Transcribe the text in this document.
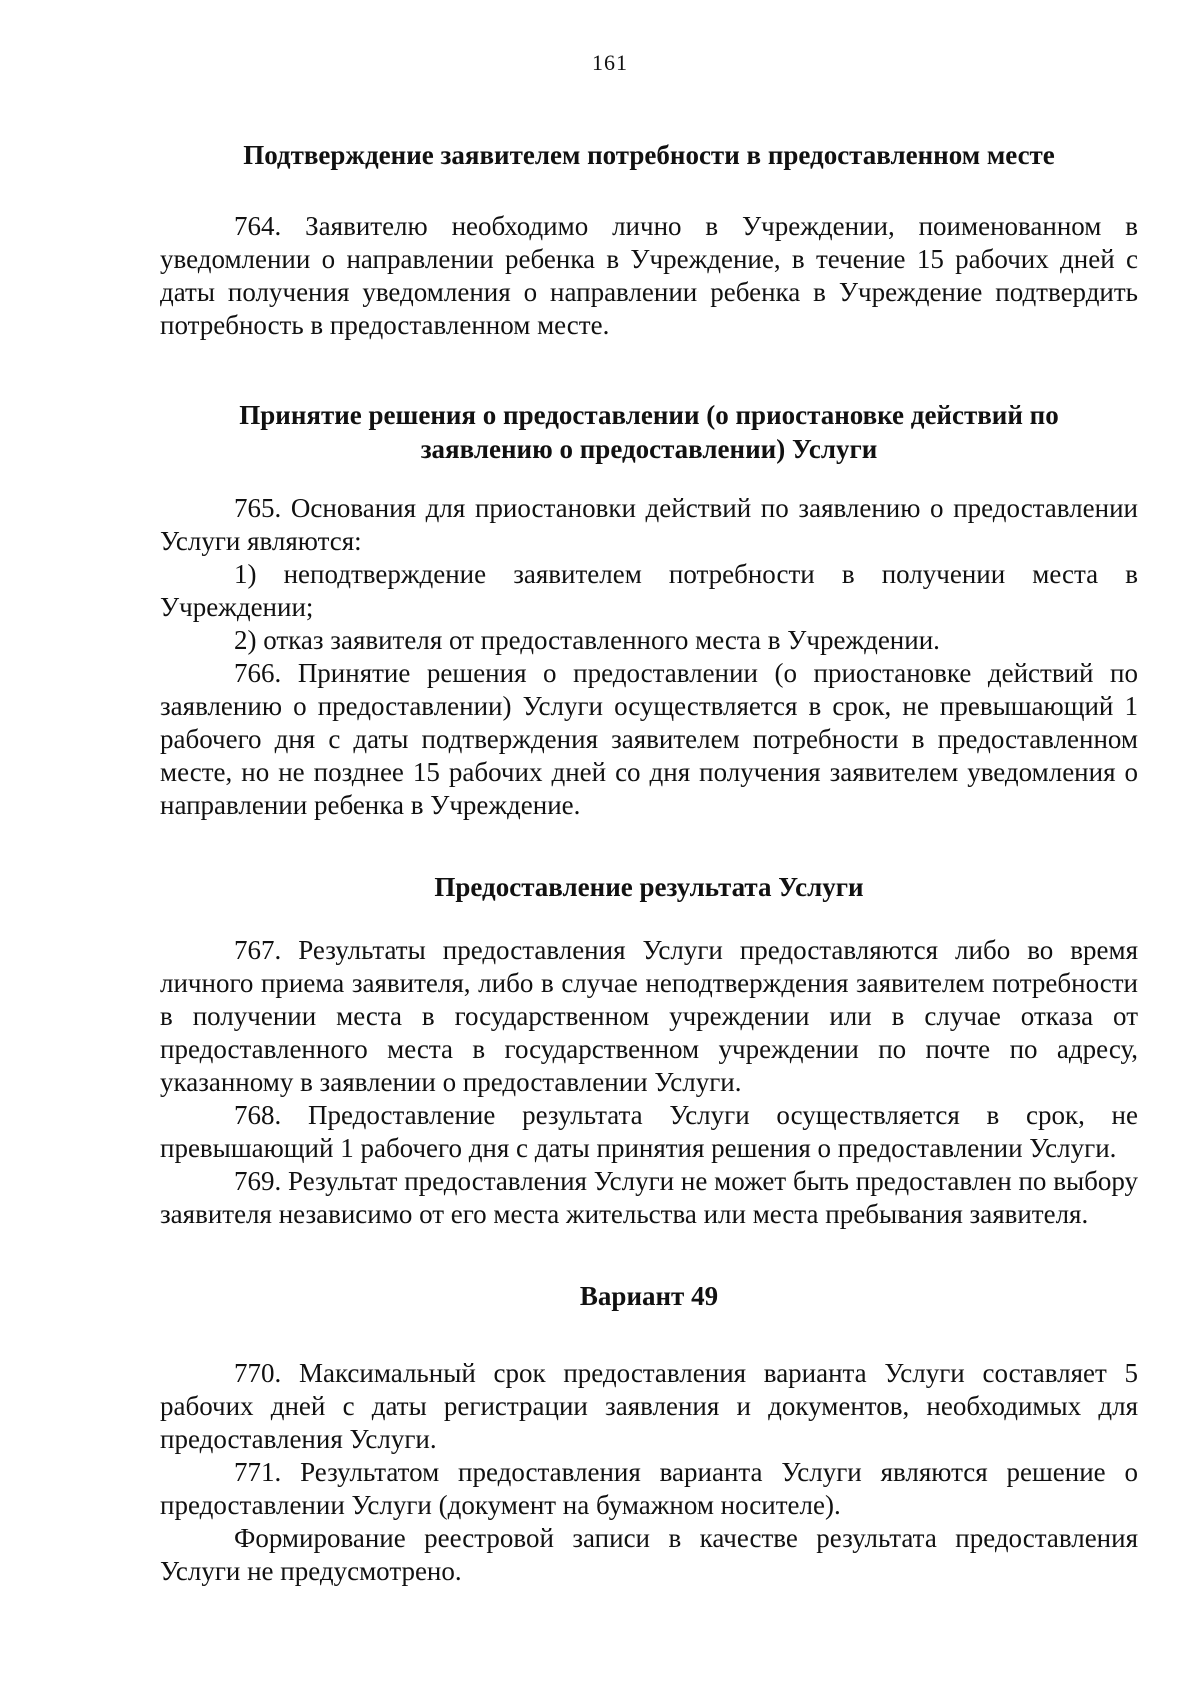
161

Подтверждение заявителем потребности в предоставленном месте

764. Заявителю необходимо лично в Учреждении, поименованном в уведомлении о направлении ребенка в Учреждение, в течение 15 рабочих дней с даты получения уведомления о направлении ребенка в Учреждение подтвердить потребность в предоставленном месте.

Принятие решения о предоставлении (о приостановке действий по

заявлению о предоставлении) Услуги

765. Основания для приостановки действий по заявлению о предоставлении Услуги являются:

1) неподтверждение заявителем потребности в получении места в Учреждении;

2) отказ заявителя от предоставленного места в Учреждении.

766. Принятие решения о предоставлении (о приостановке действий по заявлению о предоставлении) Услуги осуществляется в срок, не превышающий 1 рабочего дня с даты подтверждения заявителем потребности в предоставленном месте, но не позднее 15 рабочих дней со дня получения заявителем уведомления о направлении ребенка в Учреждение.

Предоставление результата Услуги

767. Результаты предоставления Услуги предоставляются либо во время личного приема заявителя, либо в случае неподтверждения заявителем потребности в получении места в государственном учреждении или в случае отказа от предоставленного места в государственном учреждении по почте по адресу, указанному в заявлении о предоставлении Услуги.

768. Предоставление результата Услуги осуществляется в срок, не превышающий 1 рабочего дня с даты принятия решения о предоставлении Услуги.

769. Результат предоставления Услуги не может быть предоставлен по выбору заявителя независимо от его места жительства или места пребывания заявителя.

Вариант 49

770. Максимальный срок предоставления варианта Услуги составляет 5 рабочих дней с даты регистрации заявления и документов, необходимых для предоставления Услуги.

771. Результатом предоставления варианта Услуги являются решение о предоставлении Услуги (документ на бумажном носителе).

Формирование реестровой записи в качестве результата предоставления Услуги не предусмотрено.
